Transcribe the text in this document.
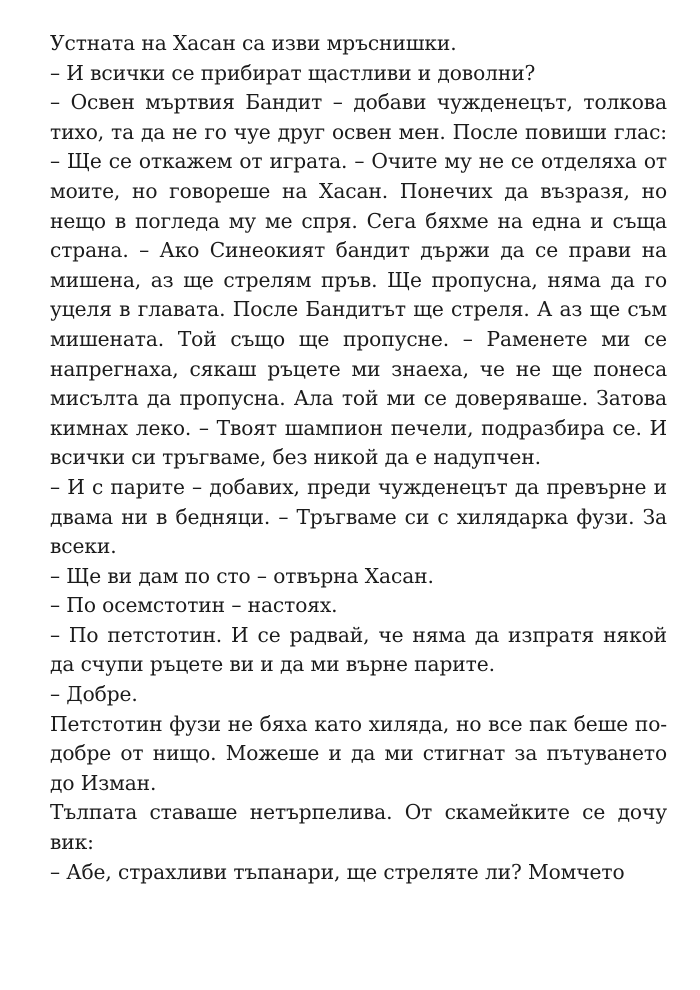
Устната на Хасан са изви мръснишки.

– И всички се прибират щастливи и доволни?

– Освен мъртвия Бандит – добави чужденецът, толкова тихо, та да не го чуе друг освен мен. После повиши глас: – Ще се откажем от играта. – Очите му не се отделяха от моите, но говореше на Хасан. Понечих да възразя, но нещо в погледа му ме спря. Сега бяхме на една и съща страна. – Ако Синеокият бандит държи да се прави на мишена, аз ще стрелям пръв. Ще пропусна, няма да го уцеля в главата. После Бандитът ще стреля. А аз ще съм мишената. Той също ще пропусне. – Раменете ми се напрегнаха, сякаш ръцете ми знаеха, че не ще понеса мисълта да пропусна. Ала той ми се доверяваше. Затова кимнах леко. – Твоят шампион печели, подразбира се. И всички си тръгваме, без никой да е надупчен.

– И с парите – добавих, преди чужденецът да превърне и двама ни в бедняци. – Тръгваме си с хилядарка фузи. За всеки.

– Ще ви дам по сто – отвърна Хасан.

– По осемстотин – настоях.

– По петстотин. И се радвай, че няма да изпратя някой да счупи ръцете ви и да ми върне парите.

– Добре.

Петстотин фузи не бяха като хиляда, но все пак беше по-добре от нищо. Можеше и да ми стигнат за пътуването до Изман.

Тълпата ставаше нетърпелива. От скамейките се дочу вик:

– Абе, страхливи тъпанари, ще стреляте ли? Момчето
